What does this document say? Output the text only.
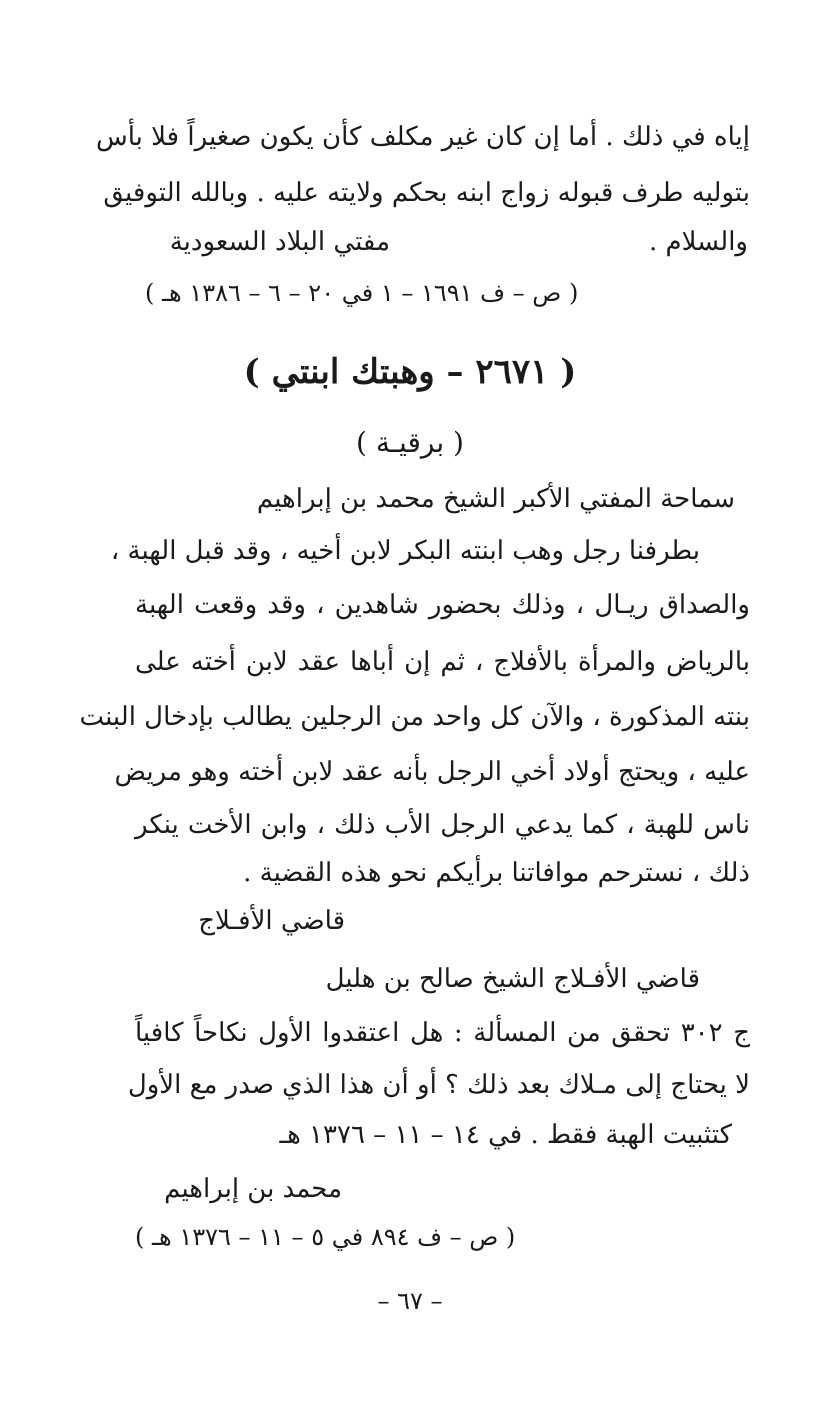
إياه في ذلك . أما إن كان غير مكلف كأن يكون صغيراً فلا بأس
بتوليه طرف قبوله زواج ابنه بحكم ولايته عليه . وبالله التوفيق
والسلام .
مفتي البلاد السعودية
( ص – ف ١٦٩١ – ١ في ٢٠ – ٦ – ١٣٨٦ هـ )
( ٢٦٧١ – وهبتك ابنتي )
( برقيـة )
سماحة المفتي الأكبر الشيخ محمد بن إبراهيم
بطرفنا رجل وهب ابنته البكر لابن أخيه ، وقد قبل الهبة ،
والصداق ريـال ، وذلك بحضور شاهدين ، وقد وقعت الهبة
بالرياض والمرأة بالأفلاج ، ثم إن أباها عقد لابن أخته على
بنته المذكورة ، والآن كل واحد من الرجلين يطالب بإدخال البنت
عليه ، ويحتج أولاد أخي الرجل بأنه عقد لابن أخته وهو مريض
ناس للهبة ، كما يدعي الرجل الأب ذلك ، وابن الأخت ينكر
ذلك ، نسترحم موافاتنا برأيكم نحو هذه القضية .
قاضي الأفـلاج
قاضي الأفـلاج الشيخ صالح بن هليل
ج ٣٠٢ تحقق من المسألة : هل اعتقدوا الأول نكاحاً كافياً
لا يحتاج إلى مـلاك بعد ذلك ؟ أو أن هذا الذي صدر مع الأول
كتثبيت الهبة فقط . في ١٤ – ١١ – ١٣٧٦ هـ
محمد بن إبراهيم
( ص – ف ٨٩٤ في ٥ – ١١ – ١٣٧٦ هـ )
– ٦٧ –
